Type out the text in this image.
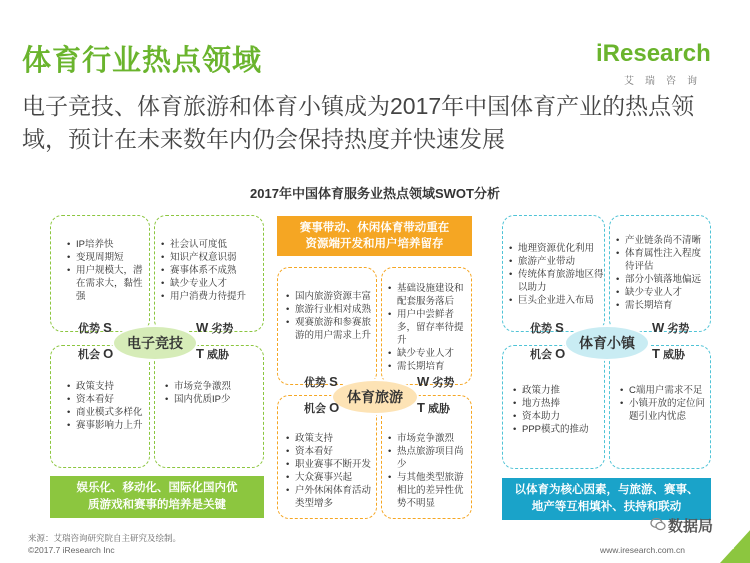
体育行业热点领域	iResearch
艾瑞咨询
电子竞技、体育旅游和体育小镇成为2017年中国体育产业的热点领域，预计在未来数年内仍会保持热度并快速发展
2017年中国体育服务业热点领域SWOT分析
• IP培养快
• 变现周期短
• 用户规模大，潜在需求大，黏性强
• 社会认可度低
• 知识产权意识弱
• 赛事体系不成熟
• 缺少专业人才
• 用户消费力待提升
• 政策支持
• 资本看好
• 商业模式多样化
• 赛事影响力上升
• 市场竞争激烈
• 国内优质IP少
电子竞技
优势 S	W 劣势
机会 O	T 威胁
娱乐化、移动化、国际化国内优质游戏和赛事的培养是关键
赛事带动、休闲体育带动重在资源端开发和用户培养留存
• 国内旅游资源丰富
• 旅游行业相对成熟
• 观赛旅游和参赛旅游的用户需求上升
• 基础设施建设和配套服务落后
• 用户中尝鲜者多，留存率待提升
• 缺少专业人才
• 需长期培育
• 政策支持
• 资本看好
• 职业赛事不断开发
• 大众赛事兴起
• 户外休闲体育活动类型增多
• 市场竞争激烈
• 热点旅游项目尚少
• 与其他类型旅游相比的差异性优势不明显
体育旅游
优势 S	W 劣势
机会 O	T 威胁
• 地理资源优化利用
• 旅游产业带动
• 传统体育旅游地区得以助力
• 巨头企业进入布局
• 产业链条尚不清晰
• 体育属性注入程度待评估
• 部分小镇落地偏远
• 缺少专业人才
• 需长期培育
• 政策力推
• 地方热捧
• 资本助力
• PPP模式的推动
• C端用户需求不足
• 小镇开放的定位问题引业内忧虑
体育小镇
优势 S	W 劣势
机会 O	T 威胁
以体育为核心因素，与旅游、赛事、地产等互相填补、扶持和联动
来源：艾瑞咨询研究院自主研究及绘制。
©2017.7 iResearch Inc	www.iresearch.com.cn
数据局
51
